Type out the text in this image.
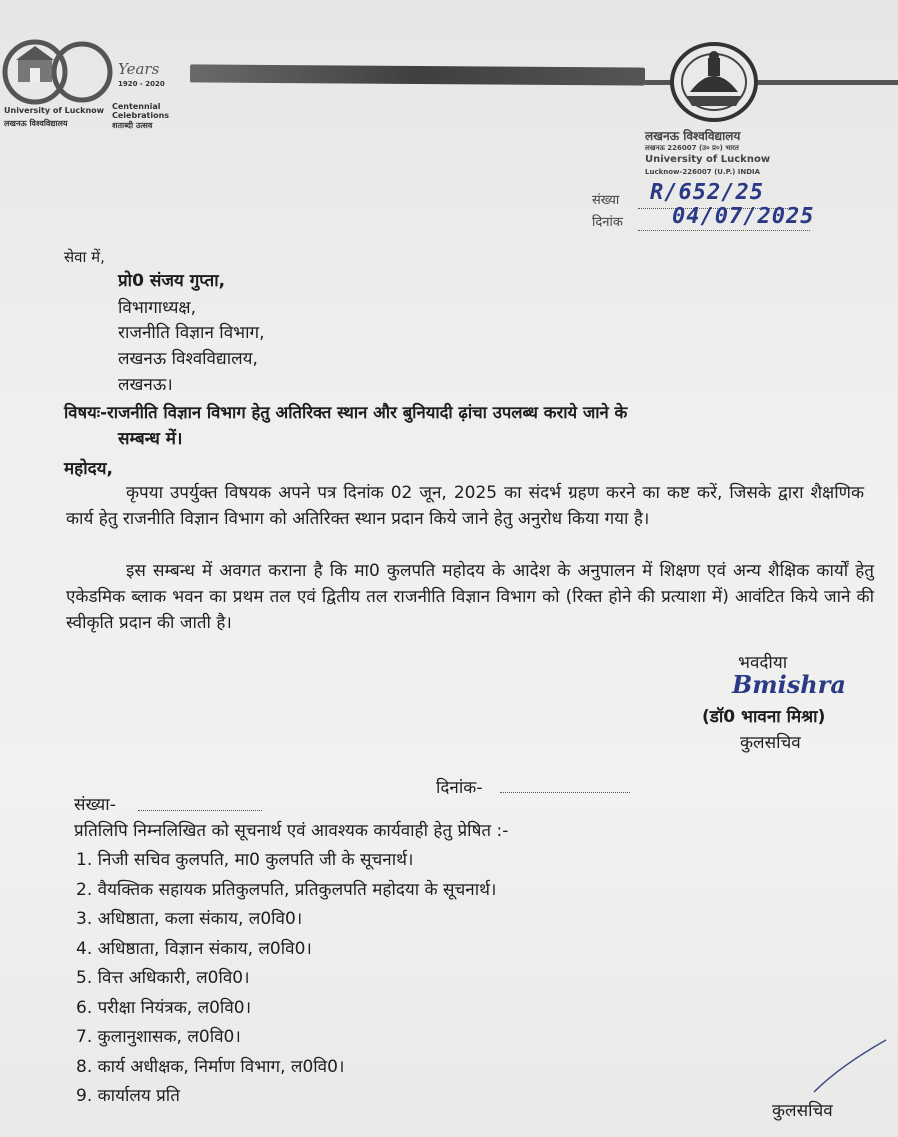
Years
1920 - 2020
University of Lucknow
लखनऊ विश्वविद्यालय
Centennial Celebrations
शताब्दी उत्सव
लखनऊ विश्वविद्यालय
लखनऊ 226007 (उ० प्र०) भारत
University of Lucknow
Lucknow-226007 (U.P.) INDIA
संख्या R/652/25
दिनांक 04/07/2025
सेवा में,
प्रो0 संजय गुप्ता,
विभागाध्यक्ष,
राजनीति विज्ञान विभाग,
लखनऊ विश्वविद्यालय,
लखनऊ।
विषयः-राजनीति विज्ञान विभाग हेतु अतिरिक्त स्थान और बुनियादी ढ़ांचा उपलब्ध कराये जाने के
सम्बन्ध में।
महोदय,
कृपया उपर्युक्त विषयक अपने पत्र दिनांक 02 जून, 2025 का संदर्भ ग्रहण करने का कष्ट करें, जिसके द्वारा शैक्षणिक कार्य हेतु राजनीति विज्ञान विभाग को अतिरिक्त स्थान प्रदान किये जाने हेतु अनुरोध किया गया है।
इस सम्बन्ध में अवगत कराना है कि मा0 कुलपति महोदय के आदेश के अनुपालन में शिक्षण एवं अन्य शैक्षिक कार्यों हेतु एकेडमिक ब्लाक भवन का प्रथम तल एवं द्वितीय तल राजनीति विज्ञान विभाग को (रिक्त होने की प्रत्याशा में) आवंटित किये जाने की स्वीकृति प्रदान की जाती है।
भवदीया
Bmishra
(डॉ0 भावना मिश्रा)
कुलसचिव
दिनांक-
संख्या-
प्रतिलिपि निम्नलिखित को सूचनार्थ एवं आवश्यक कार्यवाही हेतु प्रेषित :-
1. निजी सचिव कुलपति, मा0 कुलपति जी के सूचनार्थ।
2. वैयक्तिक सहायक प्रतिकुलपति, प्रतिकुलपति महोदया के सूचनार्थ।
3. अधिष्ठाता, कला संकाय, ल0वि0।
4. अधिष्ठाता, विज्ञान संकाय, ल0वि0।
5. वित्त अधिकारी, ल0वि0।
6. परीक्षा नियंत्रक, ल0वि0।
7. कुलानुशासक, ल0वि0।
8. कार्य अधीक्षक, निर्माण विभाग, ल0वि0।
9. कार्यालय प्रति
कुलसचिव
